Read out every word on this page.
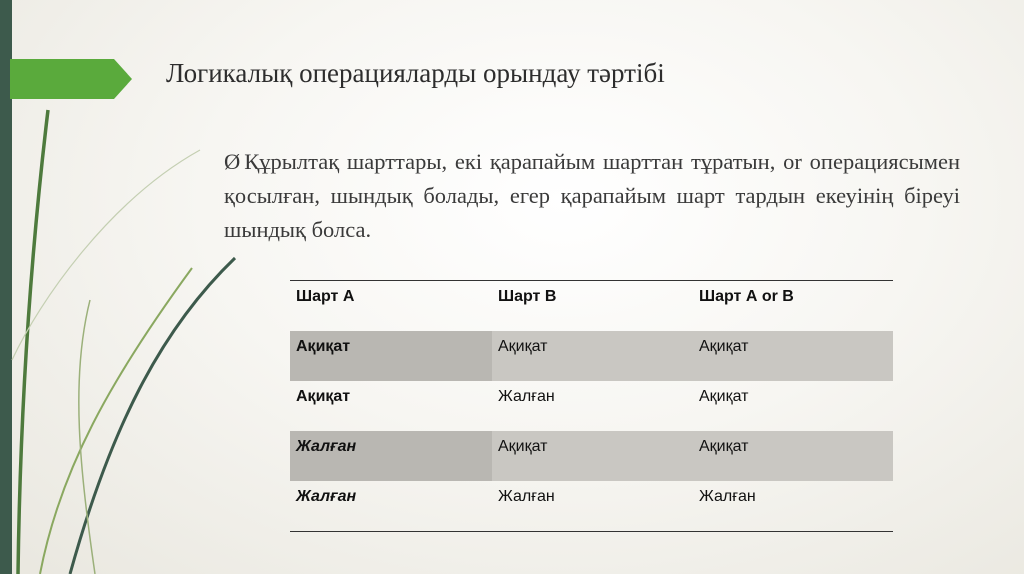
Логикалық операцияларды орындау тәртібі
Ø Құрылтақ шарттары, екі қарапайым шарттан тұратын, or операциясымен қосылған, шындық болады, егер қарапайым шарт тардын екеуінің біреуі шындық болса.
Шарт А	Шарт В	Шарт А or B
Ақиқат	Ақиқат	Ақиқат
Ақиқат	Жалған	Ақиқат
Жалған	Ақиқат	Ақиқат
Жалған	Жалған	Жалған
